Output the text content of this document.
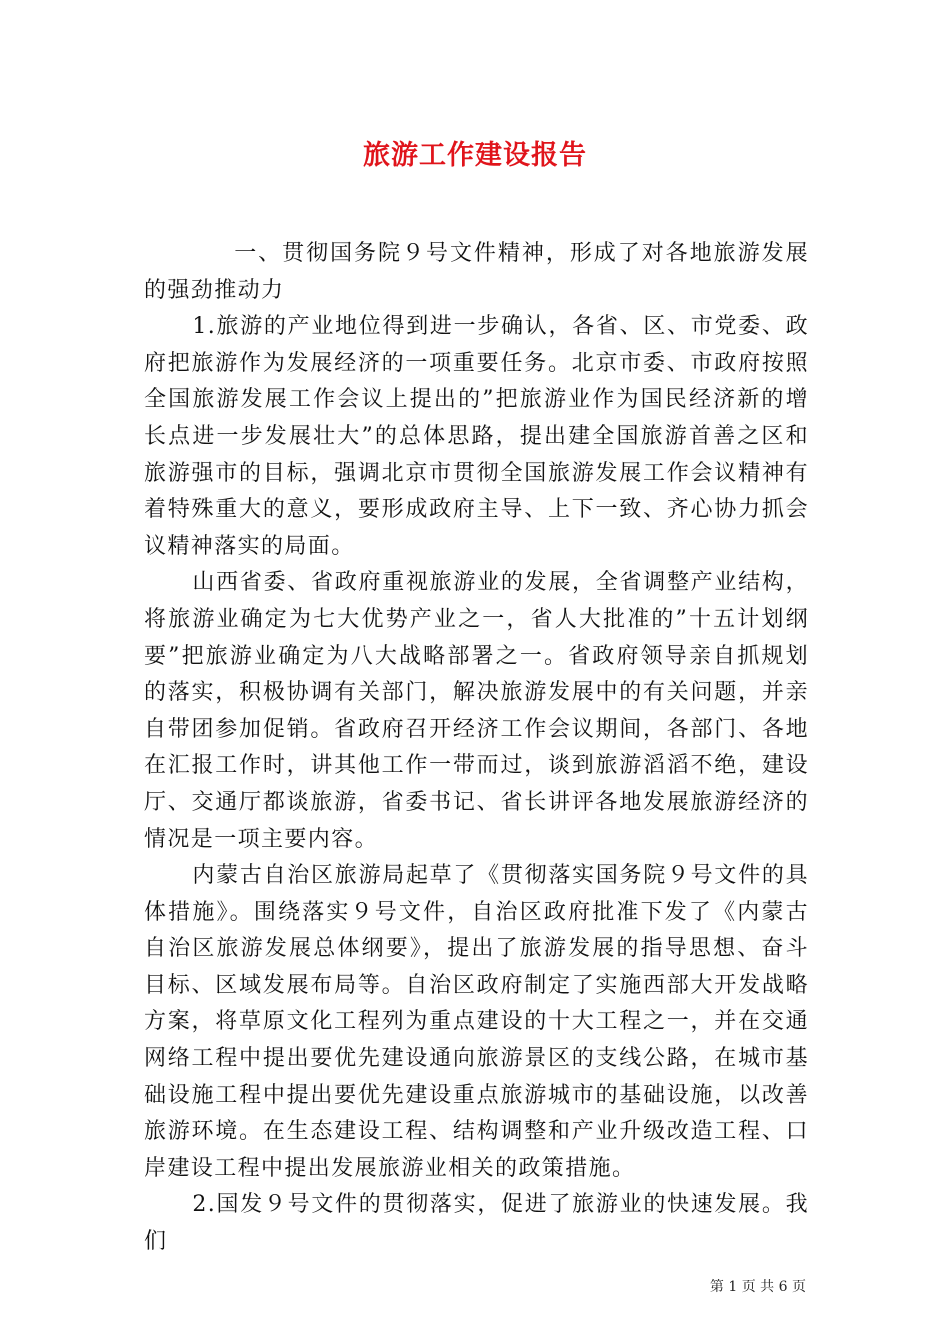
旅游工作建设报告

一、贯彻国务院９号文件精神，形成了对各地旅游发展的强劲推动力

1.旅游的产业地位得到进一步确认，各省、区、市党委、政府把旅游作为发展经济的一项重要任务。北京市委、市政府按照全国旅游发展工作会议上提出的”把旅游业作为国民经济新的增长点进一步发展壮大”的总体思路，提出建全国旅游首善之区和旅游强市的目标，强调北京市贯彻全国旅游发展工作会议精神有着特殊重大的意义，要形成政府主导、上下一致、齐心协力抓会议精神落实的局面。

山西省委、省政府重视旅游业的发展，全省调整产业结构，将旅游业确定为七大优势产业之一，省人大批准的”十五计划纲要”把旅游业确定为八大战略部署之一。省政府领导亲自抓规划的落实，积极协调有关部门，解决旅游发展中的有关问题，并亲自带团参加促销。省政府召开经济工作会议期间，各部门、各地在汇报工作时，讲其他工作一带而过，谈到旅游滔滔不绝，建设厅、交通厅都谈旅游，省委书记、省长讲评各地发展旅游经济的情况是一项主要内容。

内蒙古自治区旅游局起草了《贯彻落实国务院９号文件的具体措施》。围绕落实９号文件，自治区政府批准下发了《内蒙古自治区旅游发展总体纲要》，提出了旅游发展的指导思想、奋斗目标、区域发展布局等。自治区政府制定了实施西部大开发战略方案，将草原文化工程列为重点建设的十大工程之一，并在交通网络工程中提出要优先建设通向旅游景区的支线公路，在城市基础设施工程中提出要优先建设重点旅游城市的基础设施，以改善旅游环境。在生态建设工程、结构调整和产业升级改造工程、口岸建设工程中提出发展旅游业相关的政策措施。

2.国发９号文件的贯彻落实，促进了旅游业的快速发展。我们

第 1 页 共 6 页
